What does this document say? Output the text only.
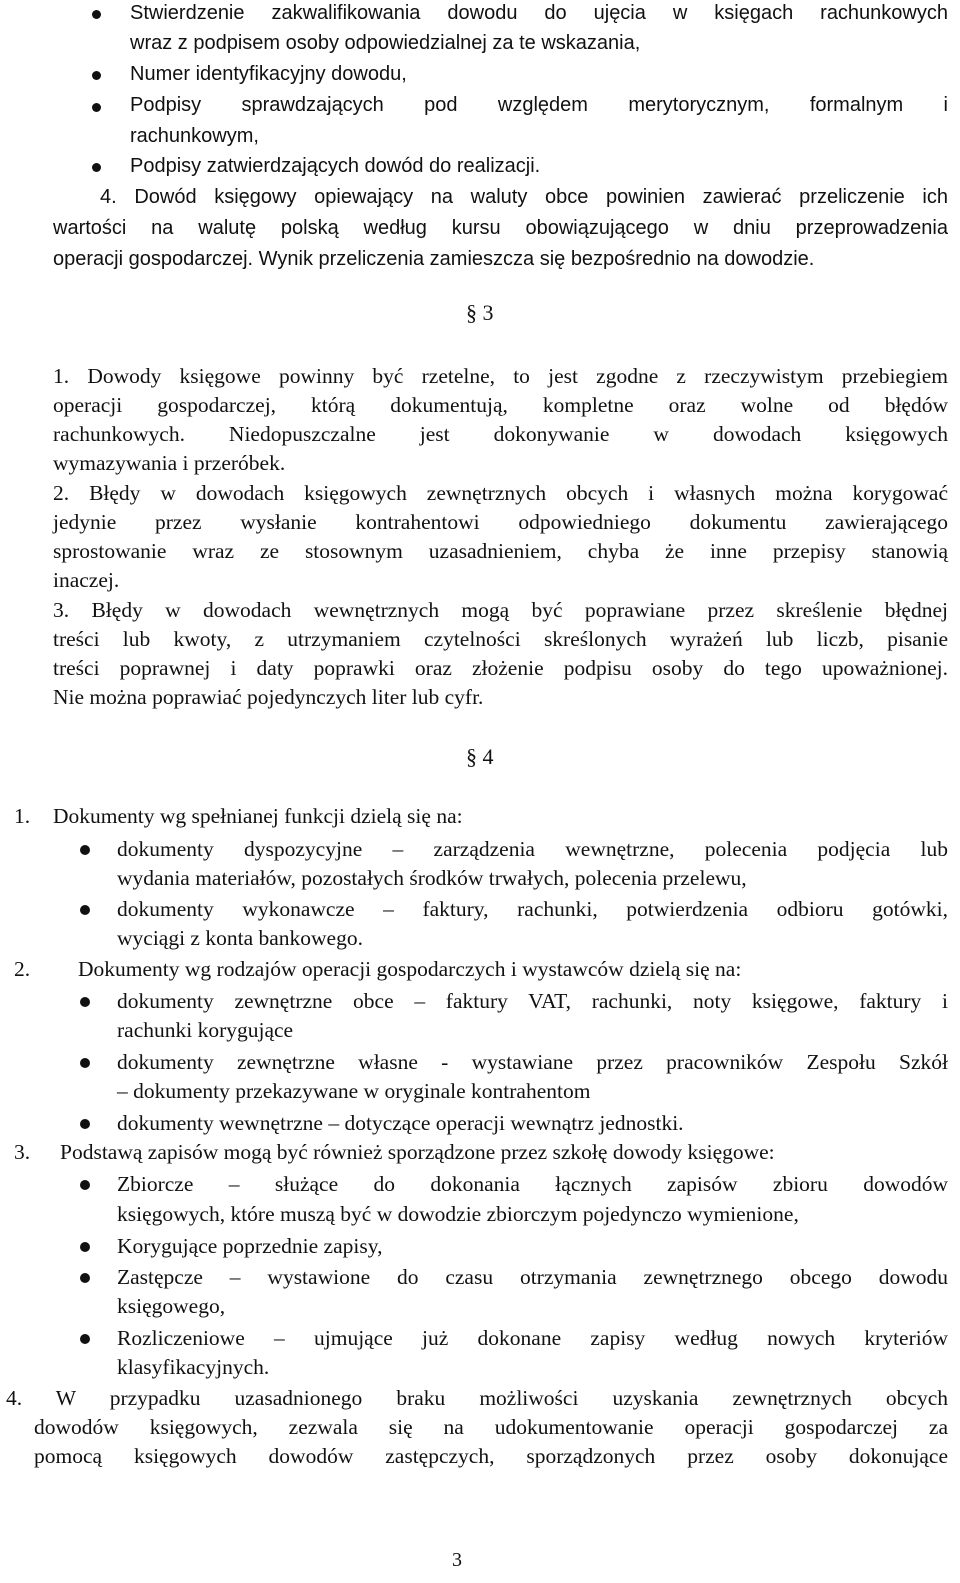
Stwierdzenie zakwalifikowania dowodu do ujęcia w księgach rachunkowych
wraz z podpisem osoby odpowiedzialnej za te wskazania,
Numer identyfikacyjny dowodu,
Podpisy sprawdzających pod względem merytorycznym, formalnym i
rachunkowym,
Podpisy zatwierdzających dowód do realizacji.
4. Dowód księgowy opiewający na waluty obce powinien zawierać przeliczenie ich
wartości na walutę polską według kursu obowiązującego w dniu przeprowadzenia
operacji gospodarczej. Wynik przeliczenia zamieszcza się bezpośrednio na dowodzie.
§ 3
1. Dowody księgowe powinny być rzetelne, to jest zgodne z rzeczywistym przebiegiem
operacji gospodarczej, którą dokumentują, kompletne oraz wolne od błędów
rachunkowych. Niedopuszczalne jest dokonywanie w dowodach księgowych
wymazywania i przeróbek.
2. Błędy w dowodach księgowych zewnętrznych obcych i własnych można korygować
jedynie przez wysłanie kontrahentowi odpowiedniego dokumentu zawierającego
sprostowanie wraz ze stosownym uzasadnieniem, chyba że inne przepisy stanowią
inaczej.
3. Błędy w dowodach wewnętrznych mogą być poprawiane przez skreślenie błędnej
treści lub kwoty, z utrzymaniem czytelności skreślonych wyrażeń lub liczb, pisanie
treści poprawnej i daty poprawki oraz złożenie podpisu osoby do tego upoważnionej.
Nie można poprawiać pojedynczych liter lub cyfr.
§ 4
1. Dokumenty wg spełnianej funkcji dzielą się na:
dokumenty dyspozycyjne – zarządzenia wewnętrzne, polecenia podjęcia lub
wydania materiałów, pozostałych środków trwałych, polecenia przelewu,
dokumenty wykonawcze – faktury, rachunki, potwierdzenia odbioru gotówki,
wyciągi z konta bankowego.
2. Dokumenty wg rodzajów operacji gospodarczych i wystawców dzielą się na:
dokumenty zewnętrzne obce – faktury VAT, rachunki, noty księgowe, faktury i
rachunki korygujące
dokumenty zewnętrzne własne - wystawiane przez pracowników Zespołu Szkół
– dokumenty przekazywane w oryginale kontrahentom
dokumenty wewnętrzne – dotyczące operacji wewnątrz jednostki.
3. Podstawą zapisów mogą być również sporządzone przez szkołę dowody księgowe:
Zbiorcze – służące do dokonania łącznych zapisów zbioru dowodów
księgowych, które muszą być w dowodzie zbiorczym pojedynczo wymienione,
Korygujące poprzednie zapisy,
Zastępcze – wystawione do czasu otrzymania zewnętrznego obcego dowodu
księgowego,
Rozliczeniowe – ujmujące już dokonane zapisy według nowych kryteriów
klasyfikacyjnych.
4. W przypadku uzasadnionego braku możliwości uzyskania zewnętrznych obcych
dowodów księgowych, zezwala się na udokumentowanie operacji gospodarczej za
pomocą księgowych dowodów zastępczych, sporządzonych przez osoby dokonujące
3
